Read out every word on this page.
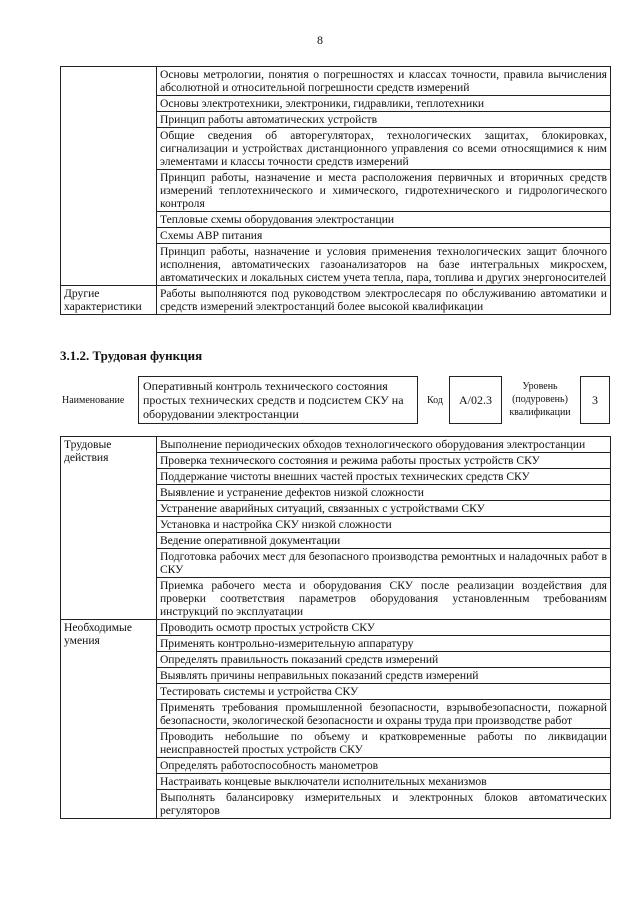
8
	Основы метрологии, понятия о погрешностях и классах точности, правила вычисления абсолютной и относительной погрешности средств измерений
	Основы электротехники, электроники, гидравлики, теплотехники
	Принцип работы автоматических устройств
	Общие сведения об авторегуляторах, технологических защитах, блокировках, сигнализации и устройствах дистанционного управления со всеми относящимися к ним элементами и классы точности средств измерений
	Принцип работы, назначение и места расположения первичных и вторичных средств измерений теплотехнического и химического, гидротехнического и гидрологического контроля
	Тепловые схемы оборудования электростанции
	Схемы АВР питания
	Принцип работы, назначение и условия применения технологических защит блочного исполнения, автоматических газоанализаторов на базе интегральных микросхем, автоматических и локальных систем учета тепла, пара, топлива и других энергоносителей
Другие характеристики	Работы выполняются под руководством электрослесаря по обслуживанию автоматики и средств измерений электростанций более высокой квалификации
3.1.2. Трудовая функция
Наименование
Оперативный контроль технического состояния простых технических средств и подсистем СКУ на оборудовании электростанции
Код	А/02.3
Уровень (подуровень) квалификации
3
Трудовые действия	Выполнение периодических обходов технологического оборудования электростанции
	Проверка технического состояния и режима работы простых устройств СКУ
	Поддержание чистоты внешних частей простых технических средств СКУ
	Выявление и устранение дефектов низкой сложности
	Устранение аварийных ситуаций, связанных с устройствами СКУ
	Установка и настройка СКУ низкой сложности
	Ведение оперативной документации
	Подготовка рабочих мест для безопасного производства ремонтных и наладочных работ в СКУ
	Приемка рабочего места и оборудования СКУ после реализации воздействия для проверки соответствия параметров оборудования установленным требованиям инструкций по эксплуатации
Необходимые умения	Проводить осмотр простых устройств СКУ
	Применять контрольно-измерительную аппаратуру
	Определять правильность показаний средств измерений
	Выявлять причины неправильных показаний средств измерений
	Тестировать системы и устройства СКУ
	Применять требования промышленной безопасности, взрывобезопасности, пожарной безопасности, экологической безопасности и охраны труда при производстве работ
	Проводить небольшие по объему и кратковременные работы по ликвидации неисправностей простых устройств СКУ
	Определять работоспособность манометров
	Настраивать концевые выключатели исполнительных механизмов
	Выполнять балансировку измерительных и электронных блоков автоматических регуляторов
